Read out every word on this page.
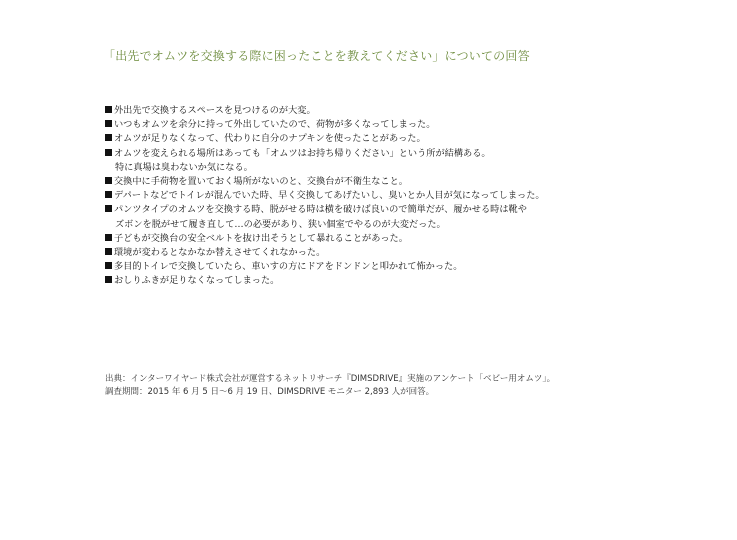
「出先でオムツを交換する際に困ったことを教えてください」についての回答
外出先で交換するスペースを見つけるのが大変。
いつもオムツを余分に持って外出していたので、荷物が多くなってしまった。
オムツが足りなくなって、代わりに自分のナプキンを使ったことがあった。
オムツを変えられる場所はあっても「オムツはお持ち帰りください」という所が結構ある。
特に真場は臭わないか気になる。
交換中に手荷物を置いておく場所がないのと、交換台が不衛生なこと。
デパートなどでトイレが混んでいた時、早く交換してあげたいし、臭いとか人目が気になってしまった。
パンツタイプのオムツを交換する時、脱がせる時は横を破けば良いので簡単だが、履かせる時は靴や
ズボンを脱がせて履き直して…の必要があり、狭い個室でやるのが大変だった。
子どもが交換台の安全ベルトを抜け出そうとして暴れることがあった。
環境が変わるとなかなか替えさせてくれなかった。
多目的トイレで交換していたら、車いすの方にドアをドンドンと叩かれて怖かった。
おしりふきが足りなくなってしまった。
出典：インターワイヤード株式会社が運営するネットリサーチ『DIMSDRIVE』実施のアンケート「ベビー用オムツ」。
調査期間：2015 年 6 月 5 日～6 月 19 日、DIMSDRIVE モニター 2,893 人が回答。
